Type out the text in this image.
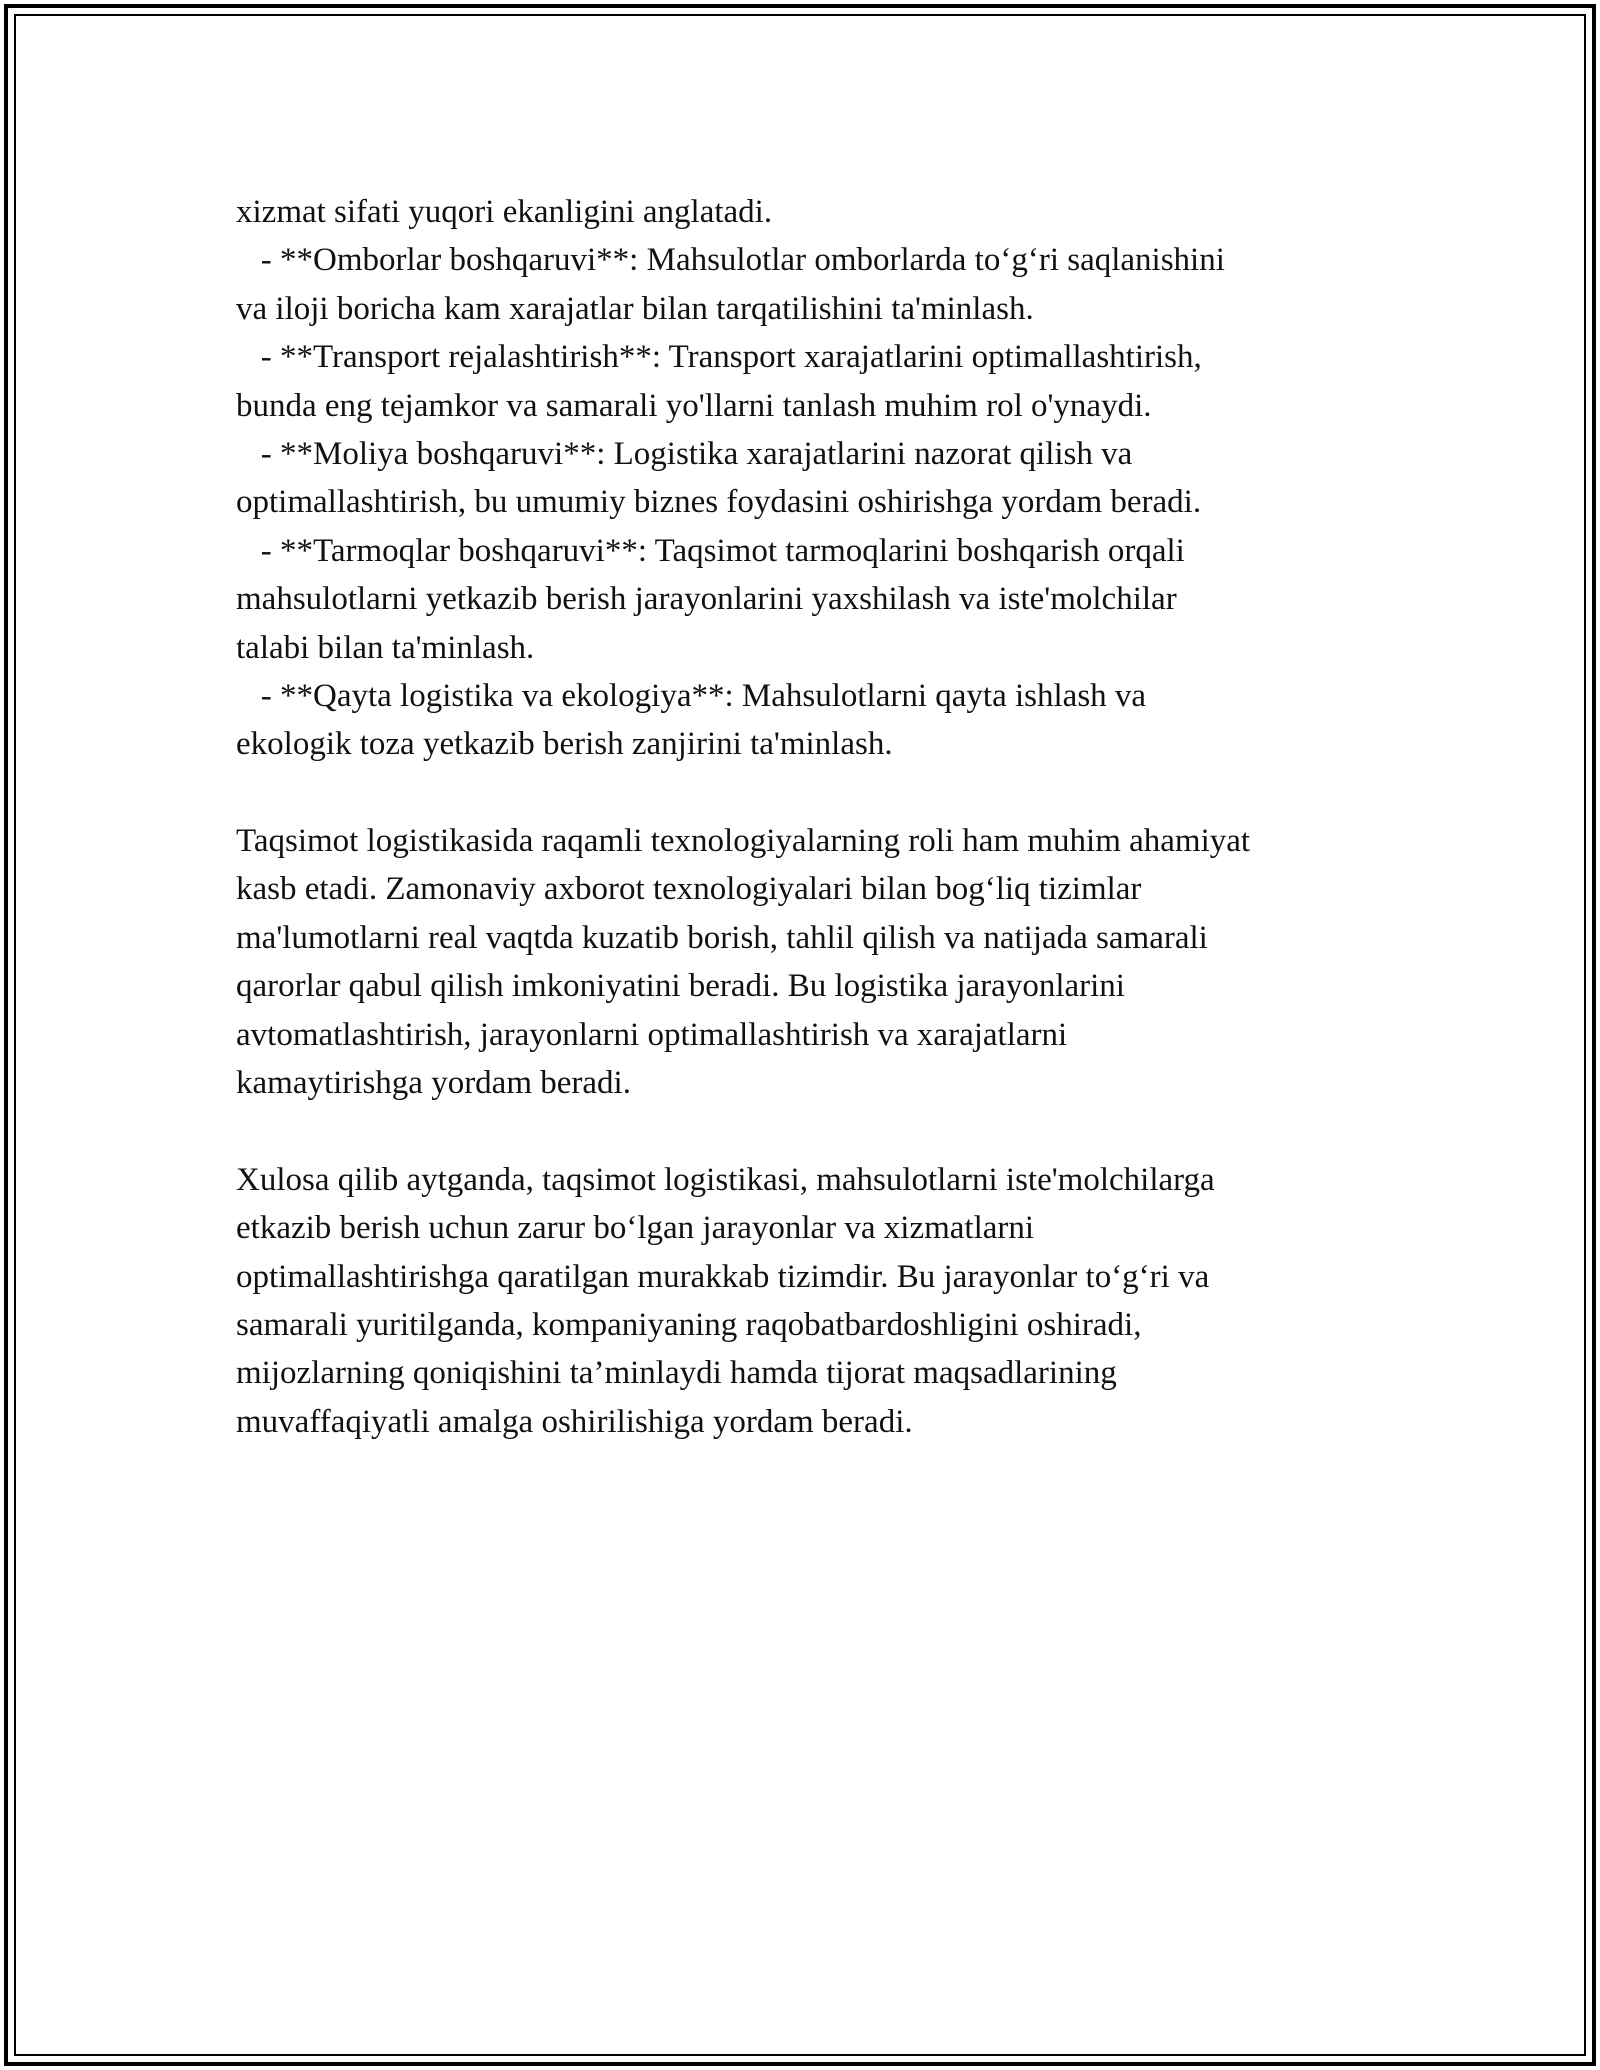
xizmat sifati yuqori ekanligini anglatadi.
- **Omborlar boshqaruvi**: Mahsulotlar omborlarda to‘g‘ri saqlanishini
va iloji boricha kam xarajatlar bilan tarqatilishini ta'minlash.
- **Transport rejalashtirish**: Transport xarajatlarini optimallashtirish,
bunda eng tejamkor va samarali yo'llarni tanlash muhim rol o'ynaydi.
- **Moliya boshqaruvi**: Logistika xarajatlarini nazorat qilish va
optimallashtirish, bu umumiy biznes foydasini oshirishga yordam beradi.
- **Tarmoqlar boshqaruvi**: Taqsimot tarmoqlarini boshqarish orqali
mahsulotlarni yetkazib berish jarayonlarini yaxshilash va iste'molchilar
talabi bilan ta'minlash.
- **Qayta logistika va ekologiya**: Mahsulotlarni qayta ishlash va
ekologik toza yetkazib berish zanjirini ta'minlash.
Taqsimot logistikasida raqamli texnologiyalarning roli ham muhim ahamiyat
kasb etadi. Zamonaviy axborot texnologiyalari bilan bog‘liq tizimlar
ma'lumotlarni real vaqtda kuzatib borish, tahlil qilish va natijada samarali
qarorlar qabul qilish imkoniyatini beradi. Bu logistika jarayonlarini
avtomatlashtirish, jarayonlarni optimallashtirish va xarajatlarni
kamaytirishga yordam beradi.
Xulosa qilib aytganda, taqsimot logistikasi, mahsulotlarni iste'molchilarga
etkazib berish uchun zarur bo‘lgan jarayonlar va xizmatlarni
optimallashtirishga qaratilgan murakkab tizimdir. Bu jarayonlar to‘g‘ri va
samarali yuritilganda, kompaniyaning raqobatbardoshligini oshiradi,
mijozlarning qoniqishini ta’minlaydi hamda tijorat maqsadlarining
muvaffaqiyatli amalga oshirilishiga yordam beradi.
